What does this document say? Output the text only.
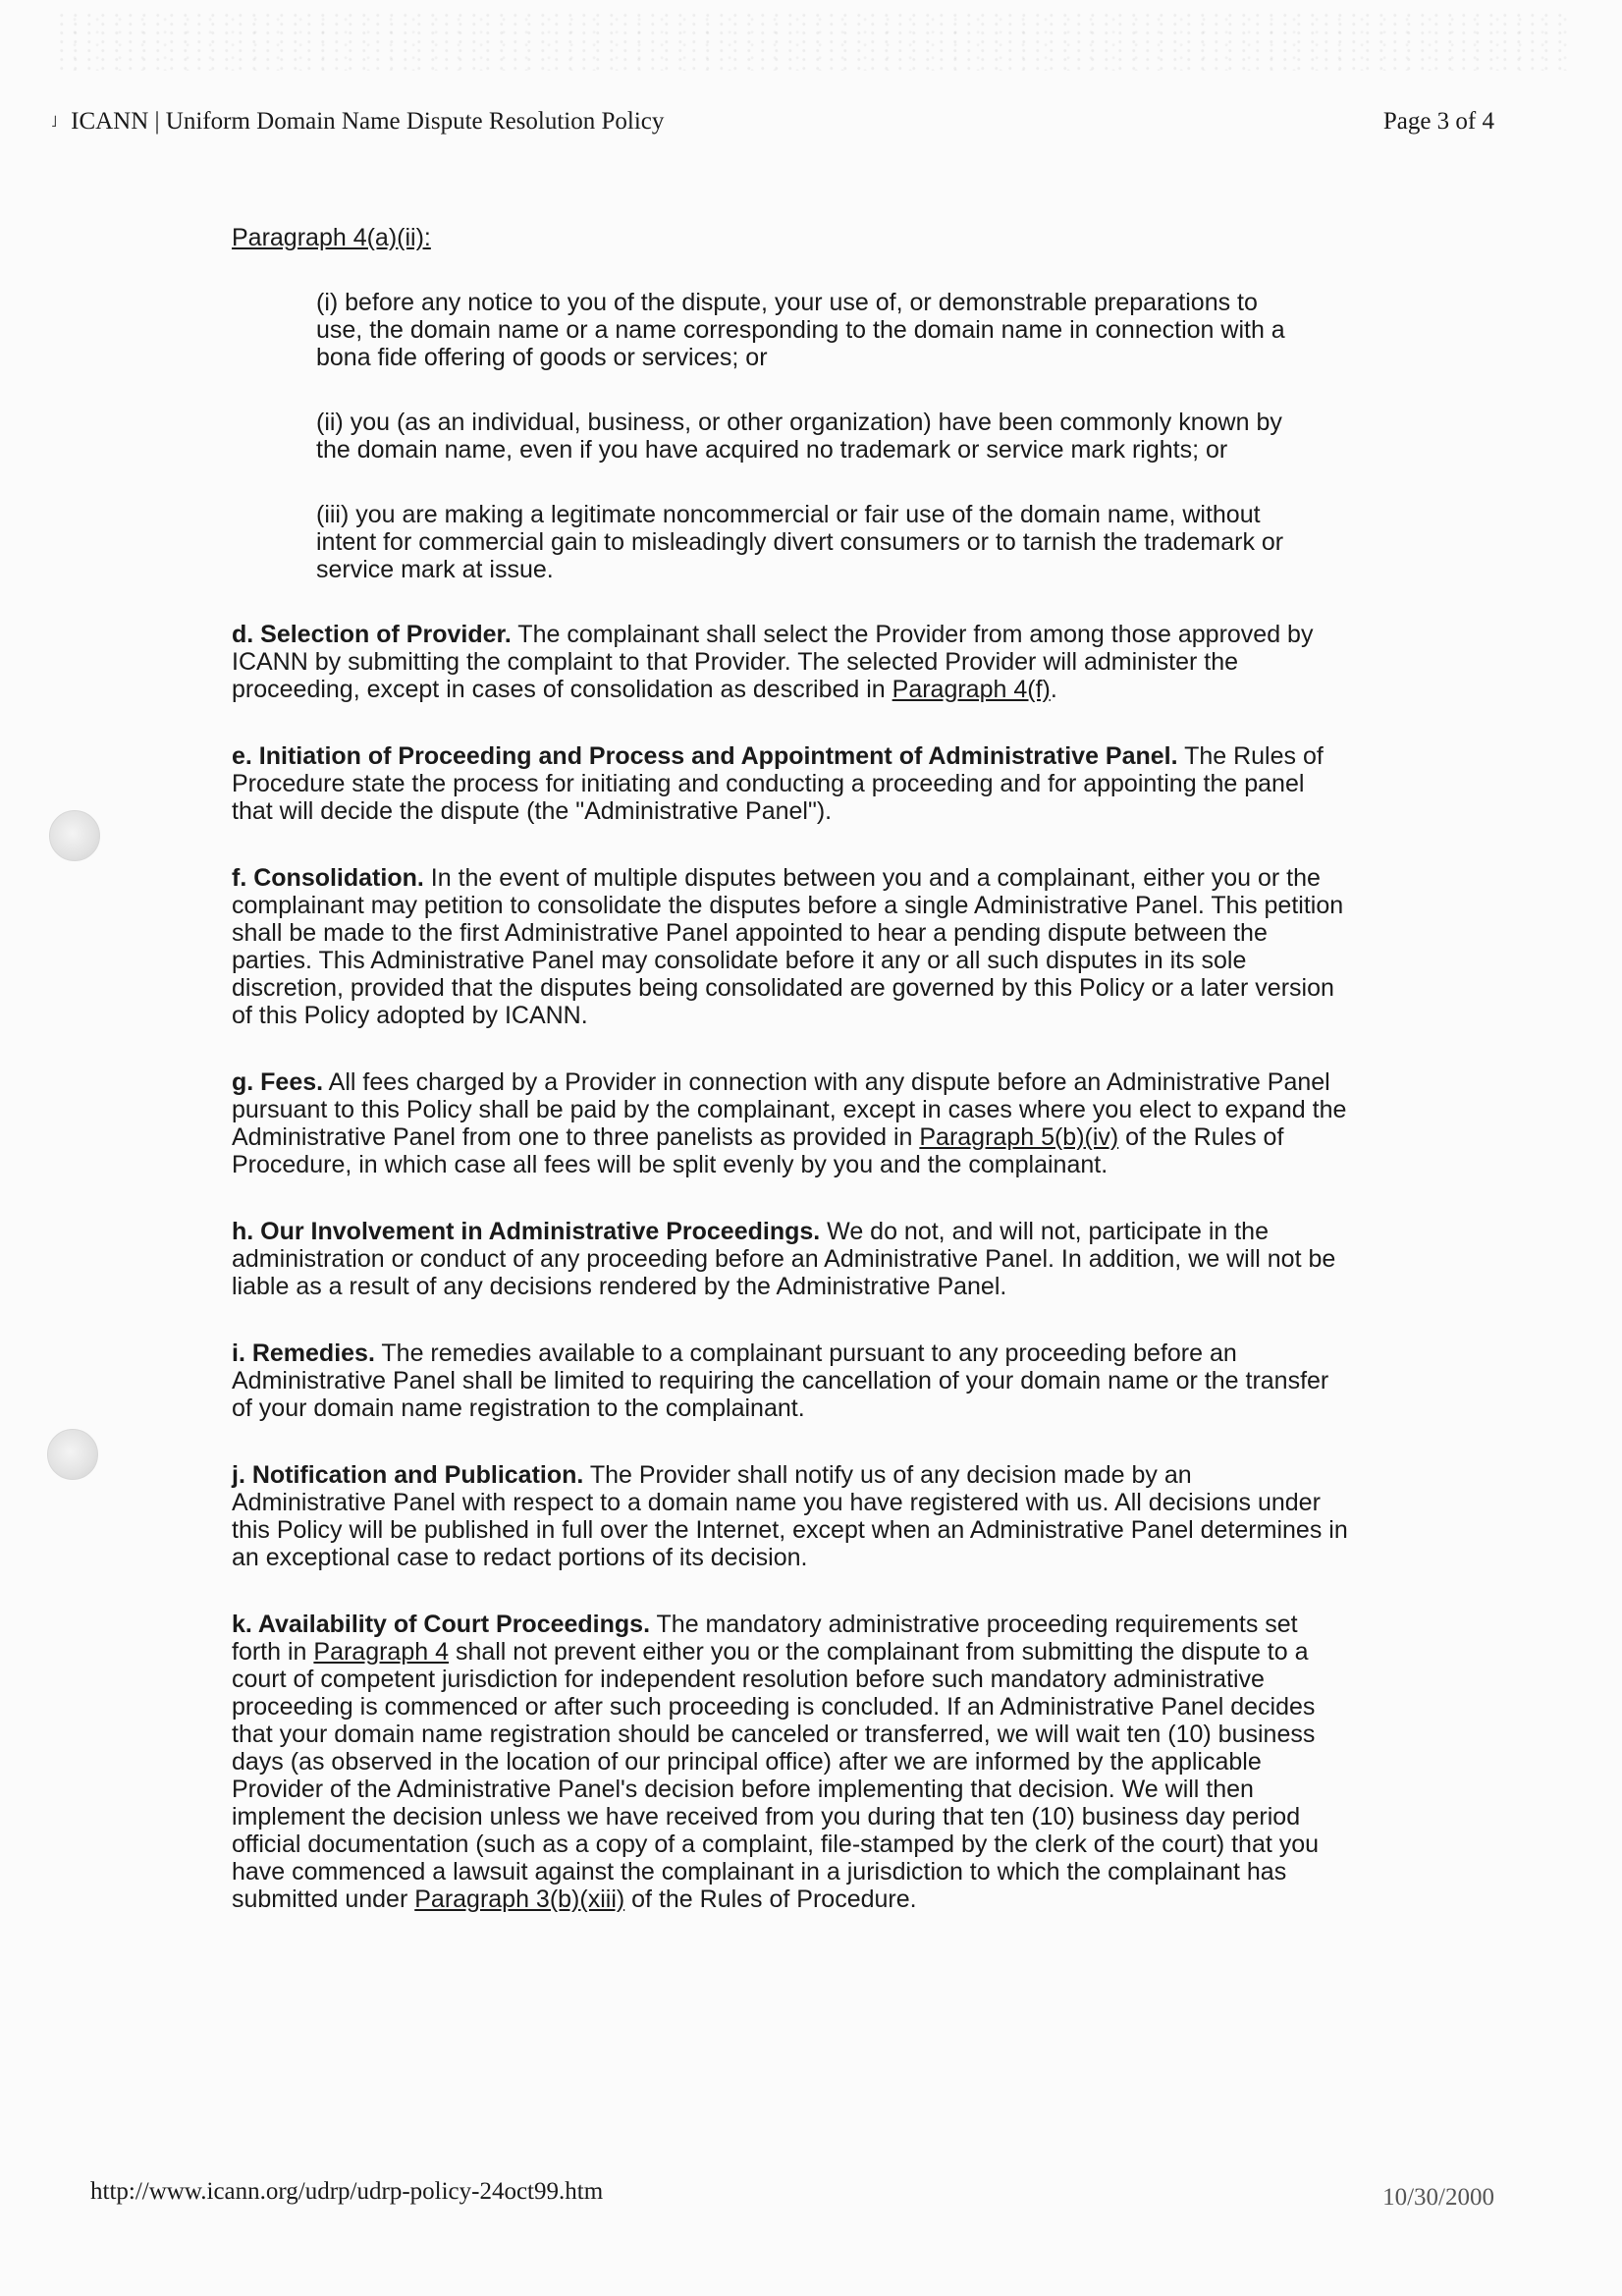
˩ ICANN | Uniform Domain Name Dispute Resolution Policy	Page 3 of 4

Paragraph 4(a)(ii):

(i) before any notice to you of the dispute, your use of, or demonstrable preparations to use, the domain name or a name corresponding to the domain name in connection with a bona fide offering of goods or services; or

(ii) you (as an individual, business, or other organization) have been commonly known by the domain name, even if you have acquired no trademark or service mark rights; or

(iii) you are making a legitimate noncommercial or fair use of the domain name, without intent for commercial gain to misleadingly divert consumers or to tarnish the trademark or service mark at issue.

d. Selection of Provider. The complainant shall select the Provider from among those approved by ICANN by submitting the complaint to that Provider. The selected Provider will administer the proceeding, except in cases of consolidation as described in Paragraph 4(f).

e. Initiation of Proceeding and Process and Appointment of Administrative Panel. The Rules of Procedure state the process for initiating and conducting a proceeding and for appointing the panel that will decide the dispute (the "Administrative Panel").

f. Consolidation. In the event of multiple disputes between you and a complainant, either you or the complainant may petition to consolidate the disputes before a single Administrative Panel. This petition shall be made to the first Administrative Panel appointed to hear a pending dispute between the parties. This Administrative Panel may consolidate before it any or all such disputes in its sole discretion, provided that the disputes being consolidated are governed by this Policy or a later version of this Policy adopted by ICANN.

g. Fees. All fees charged by a Provider in connection with any dispute before an Administrative Panel pursuant to this Policy shall be paid by the complainant, except in cases where you elect to expand the Administrative Panel from one to three panelists as provided in Paragraph 5(b)(iv) of the Rules of Procedure, in which case all fees will be split evenly by you and the complainant.

h. Our Involvement in Administrative Proceedings. We do not, and will not, participate in the administration or conduct of any proceeding before an Administrative Panel. In addition, we will not be liable as a result of any decisions rendered by the Administrative Panel.

i. Remedies. The remedies available to a complainant pursuant to any proceeding before an Administrative Panel shall be limited to requiring the cancellation of your domain name or the transfer of your domain name registration to the complainant.

j. Notification and Publication. The Provider shall notify us of any decision made by an Administrative Panel with respect to a domain name you have registered with us. All decisions under this Policy will be published in full over the Internet, except when an Administrative Panel determines in an exceptional case to redact portions of its decision.

k. Availability of Court Proceedings. The mandatory administrative proceeding requirements set forth in Paragraph 4 shall not prevent either you or the complainant from submitting the dispute to a court of competent jurisdiction for independent resolution before such mandatory administrative proceeding is commenced or after such proceeding is concluded. If an Administrative Panel decides that your domain name registration should be canceled or transferred, we will wait ten (10) business days (as observed in the location of our principal office) after we are informed by the applicable Provider of the Administrative Panel's decision before implementing that decision. We will then implement the decision unless we have received from you during that ten (10) business day period official documentation (such as a copy of a complaint, file-stamped by the clerk of the court) that you have commenced a lawsuit against the complainant in a jurisdiction to which the complainant has submitted under Paragraph 3(b)(xiii) of the Rules of Procedure.

http://www.icann.org/udrp/udrp-policy-24oct99.htm	10/30/2000
